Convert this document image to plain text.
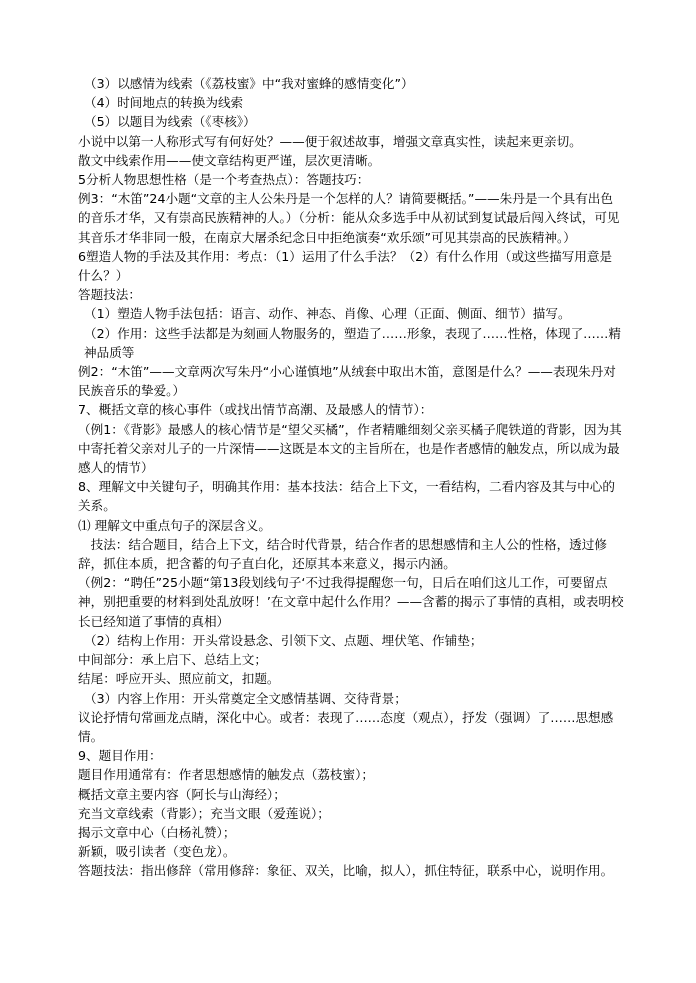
（3）以感情为线索（《荔枝蜜》中“我对蜜蜂的感情变化”）

（4）时间地点的转换为线索

（5）以题目为线索（《枣核》）

小说中以第一人称形式写有何好处？——便于叙述故事，增强文章真实性，读起来更亲切。

散文中线索作用——使文章结构更严谨，层次更清晰。

5分析人物思想性格（是一个考查热点）：答题技巧：

例3：“木笛”24小题“文章的主人公朱丹是一个怎样的人？请简要概括。”——朱丹是一个具有出色的音乐才华，又有崇高民族精神的人。）（分析：能从众多选手中从初试到复试最后闯入终试，可见其音乐才华非同一般，在南京大屠杀纪念日中拒绝演奏“欢乐颂”可见其崇高的民族精神。）

6塑造人物的手法及其作用：考点：（1）运用了什么手法？（2）有什么作用（或这些描写用意是什么？）

答题技法：

（1）塑造人物手法包括：语言、动作、神态、肖像、心理（正面、侧面、细节）描写。

（2）作用：这些手法都是为刻画人物服务的，塑造了……形象，表现了……性格，体现了……精神品质等

例2：“木笛”——文章两次写朱丹“小心谨慎地”从绒套中取出木笛，意图是什么？——表现朱丹对民族音乐的挚爱。）

7、概括文章的核心事件（或找出情节高潮、及最感人的情节）：

（例1：《背影》最感人的核心情节是“望父买橘”，作者精雕细刻父亲买橘子爬铁道的背影，因为其中寄托着父亲对儿子的一片深情——这既是本文的主旨所在，也是作者感情的触发点，所以成为最感人的情节）

8、理解文中关键句子，明确其作用：基本技法：结合上下文，一看结构，二看内容及其与中心的关系。

⑴ 理解文中重点句子的深层含义。

　技法：结合题目，结合上下文，结合时代背景，结合作者的思想感情和主人公的性格，透过修辞，抓住本质，把含蓄的句子直白化，还原其本来意义，揭示内涵。

（例2：“聘任”25小题“第13段划线句子‘不过我得提醒您一句，日后在咱们这儿工作，可要留点神，别把重要的材料到处乱放呀！’在文章中起什么作用？——含蓄的揭示了事情的真相，或表明校长已经知道了事情的真相）

（2）结构上作用：开头常设悬念、引领下文、点题、埋伏笔、作铺垫；

中间部分：承上启下、总结上文；

结尾：呼应开头、照应前文，扣题。

（3）内容上作用：开头常奠定全文感情基调、交待背景；

议论抒情句常画龙点睛，深化中心。或者：表现了……态度（观点），抒发（强调）了……思想感情。

9、题目作用：

题目作用通常有：作者思想感情的触发点（荔枝蜜）；

概括文章主要内容（阿长与山海经）；

充当文章线索（背影）；充当文眼（爱莲说）；

揭示文章中心（白杨礼赞）；

新颖，吸引读者（变色龙）。

答题技法：指出修辞（常用修辞：象征、双关，比喻，拟人），抓住特征，联系中心，说明作用。
